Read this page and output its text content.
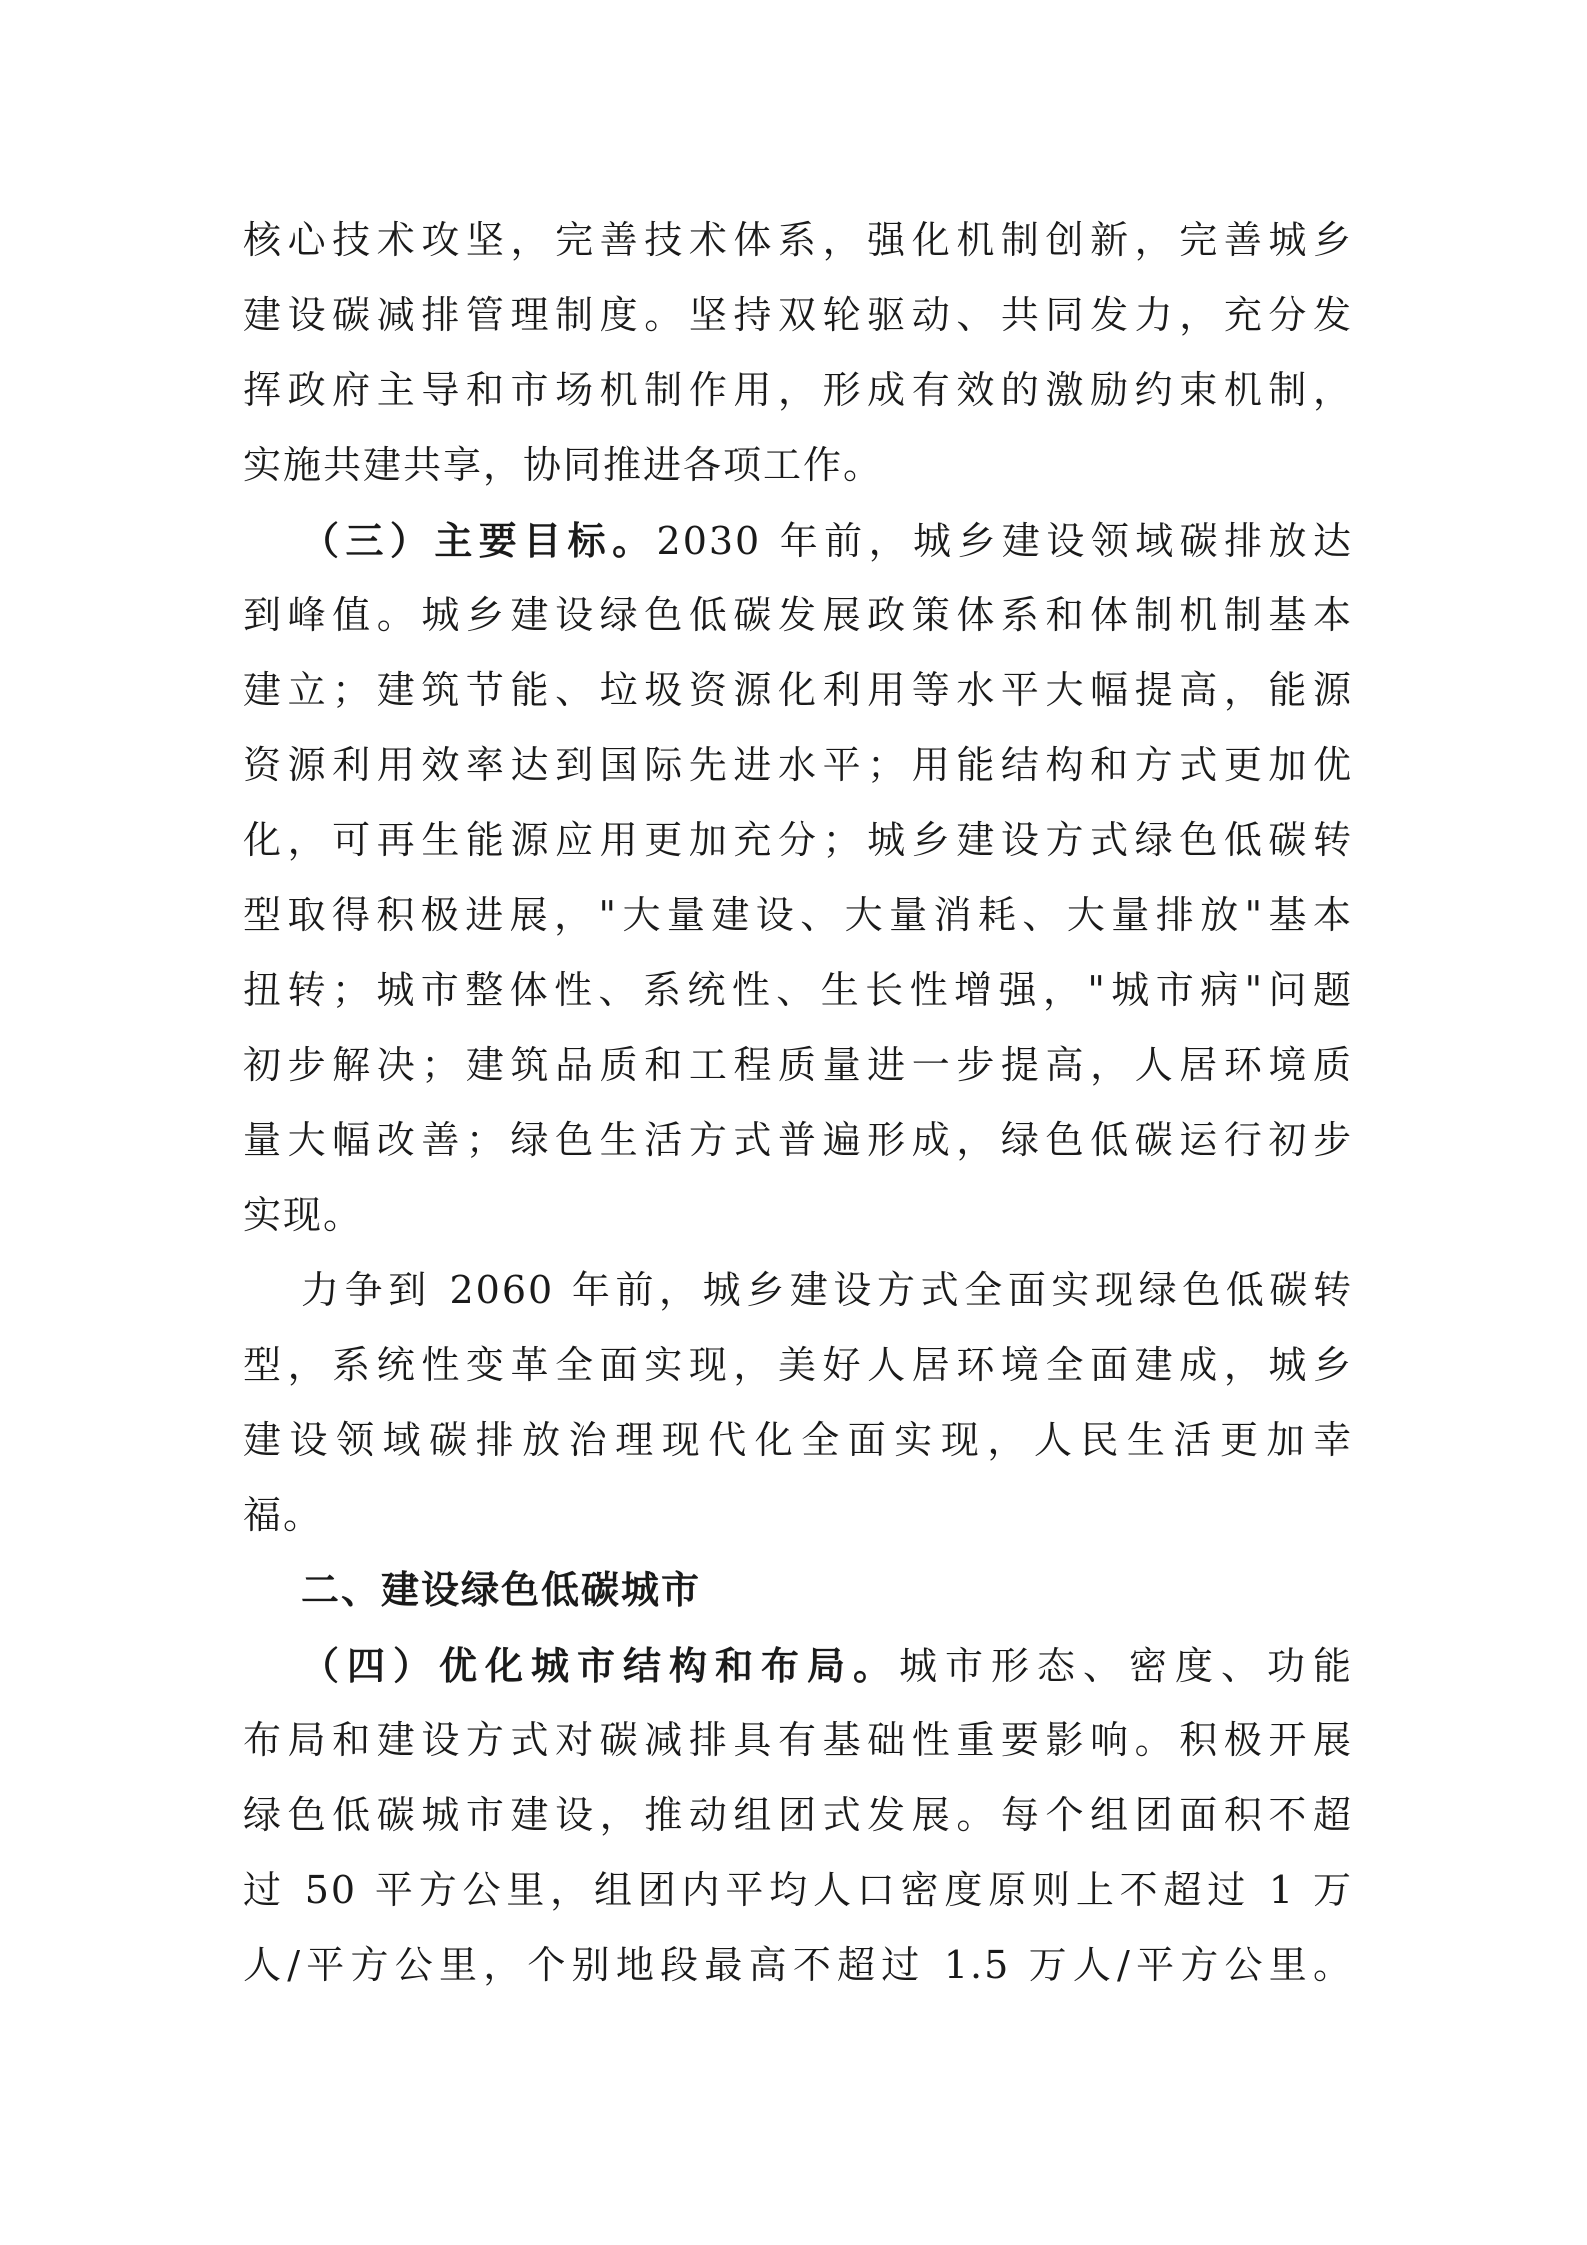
核心技术攻坚，完善技术体系，强化机制创新，完善城乡
建设碳减排管理制度。坚持双轮驱动、共同发力，充分发
挥政府主导和市场机制作用，形成有效的激励约束机制，
实施共建共享，协同推进各项工作。
（三）主要目标。2030 年前，城乡建设领域碳排放达
到峰值。城乡建设绿色低碳发展政策体系和体制机制基本
建立；建筑节能、垃圾资源化利用等水平大幅提高，能源
资源利用效率达到国际先进水平；用能结构和方式更加优
化，可再生能源应用更加充分；城乡建设方式绿色低碳转
型取得积极进展，"大量建设、大量消耗、大量排放"基本
扭转；城市整体性、系统性、生长性增强，"城市病"问题
初步解决；建筑品质和工程质量进一步提高，人居环境质
量大幅改善；绿色生活方式普遍形成，绿色低碳运行初步
实现。
力争到 2060 年前，城乡建设方式全面实现绿色低碳转
型，系统性变革全面实现，美好人居环境全面建成，城乡
建设领域碳排放治理现代化全面实现，人民生活更加幸
福。
二、建设绿色低碳城市
（四）优化城市结构和布局。城市形态、密度、功能
布局和建设方式对碳减排具有基础性重要影响。积极开展
绿色低碳城市建设，推动组团式发展。每个组团面积不超
过 50 平方公里，组团内平均人口密度原则上不超过 1 万
人/平方公里，个别地段最高不超过 1.5 万人/平方公里。
